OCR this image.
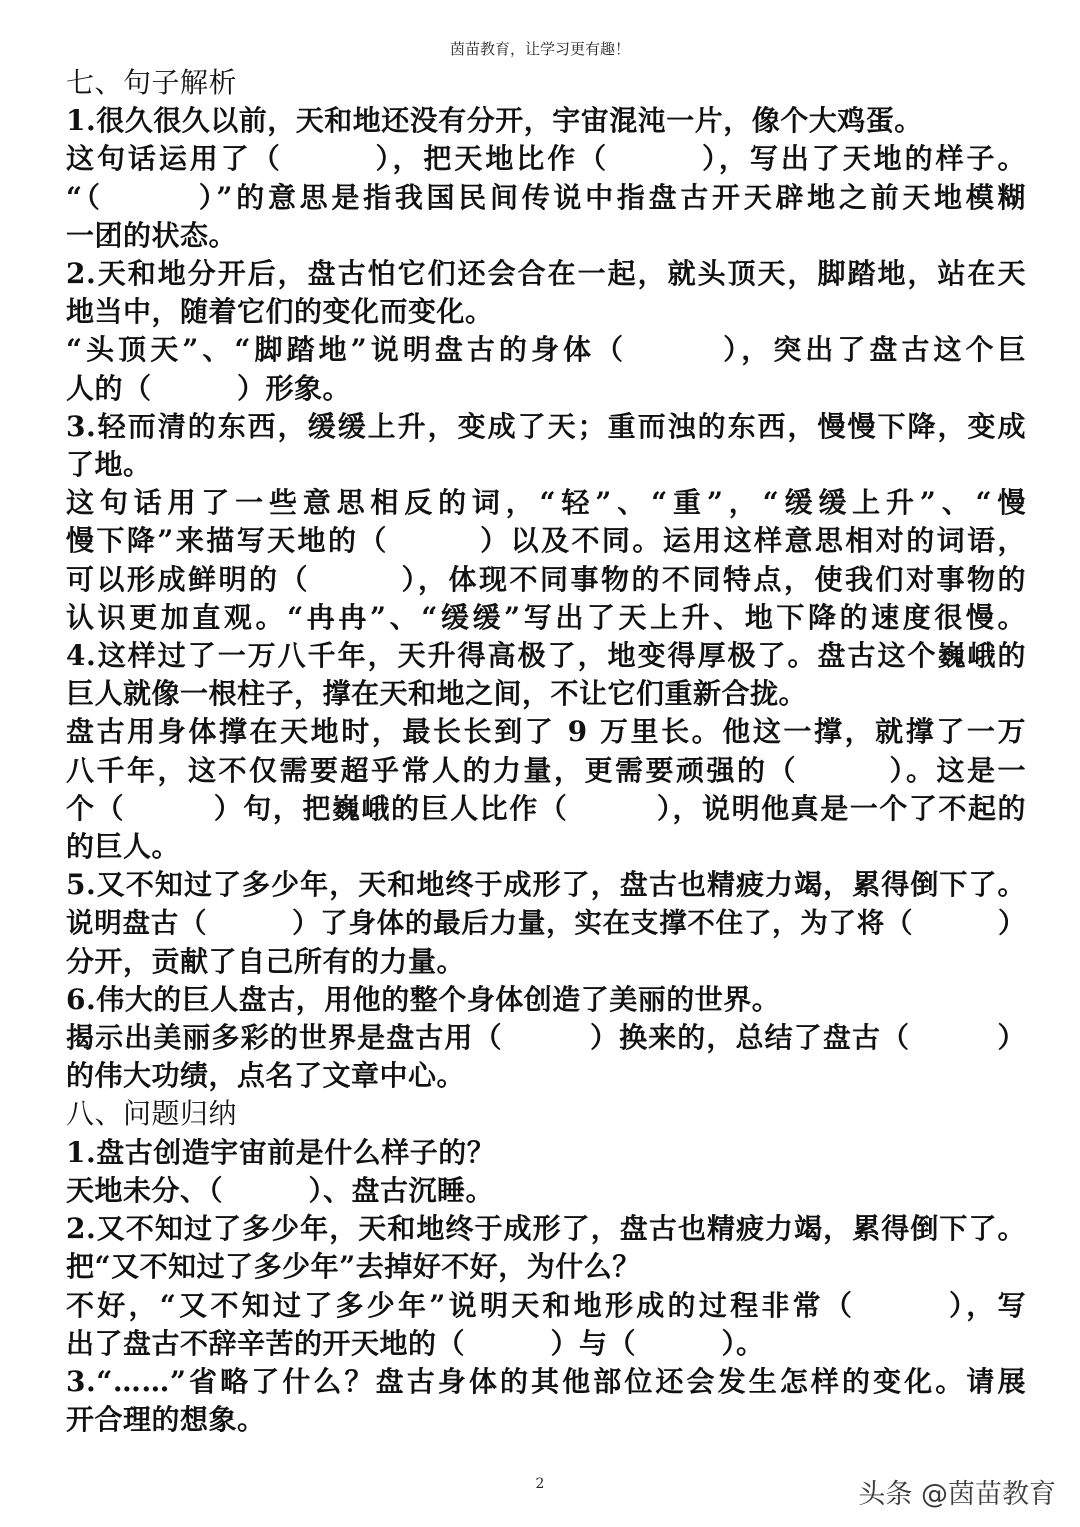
茵苗教育，让学习更有趣！
七、句子解析
1.很久很久以前，天和地还没有分开，宇宙混沌一片，像个大鸡蛋。
这句话运用了（　　　），把天地比作（　　　），写出了天地的样子。
“（　　　）”的意思是指我国民间传说中指盘古开天辟地之前天地模糊
一团的状态。
2.天和地分开后，盘古怕它们还会合在一起，就头顶天，脚踏地，站在天
地当中，随着它们的变化而变化。
“头顶天”、“脚踏地”说明盘古的身体（　　　），突出了盘古这个巨
人的（　　　）形象。
3.轻而清的东西，缓缓上升，变成了天；重而浊的东西，慢慢下降，变成
了地。
这句话用了一些意思相反的词，“轻”、“重”，“缓缓上升”、“慢
慢下降”来描写天地的（　　　）以及不同。运用这样意思相对的词语，
可以形成鲜明的（　　　），体现不同事物的不同特点，使我们对事物的
认识更加直观。“冉冉”、“缓缓”写出了天上升、地下降的速度很慢。
4.这样过了一万八千年，天升得高极了，地变得厚极了。盘古这个巍峨的
巨人就像一根柱子，撑在天和地之间，不让它们重新合拢。
盘古用身体撑在天地时，最长长到了 9 万里长。他这一撑，就撑了一万
八千年，这不仅需要超乎常人的力量，更需要顽强的（　　　）。这是一
个（　　　）句，把巍峨的巨人比作（　　　），说明他真是一个了不起的
的巨人。
5.又不知过了多少年，天和地终于成形了，盘古也精疲力竭，累得倒下了。
说明盘古（　　　）了身体的最后力量，实在支撑不住了，为了将（　　　）
分开，贡献了自己所有的力量。
6.伟大的巨人盘古，用他的整个身体创造了美丽的世界。
揭示出美丽多彩的世界是盘古用（　　　）换来的，总结了盘古（　　　）
的伟大功绩，点名了文章中心。
八、问题归纳
1.盘古创造宇宙前是什么样子的？
天地未分、（　　　）、盘古沉睡。
2.又不知过了多少年，天和地终于成形了，盘古也精疲力竭，累得倒下了。
把“又不知过了多少年”去掉好不好，为什么？
不好，“又不知过了多少年”说明天和地形成的过程非常（　　　），写
出了盘古不辞辛苦的开天地的（　　　）与（　　　）。
3.“……”省略了什么？盘古身体的其他部位还会发生怎样的变化。请展
开合理的想象。
2	头条 @茵苗教育
